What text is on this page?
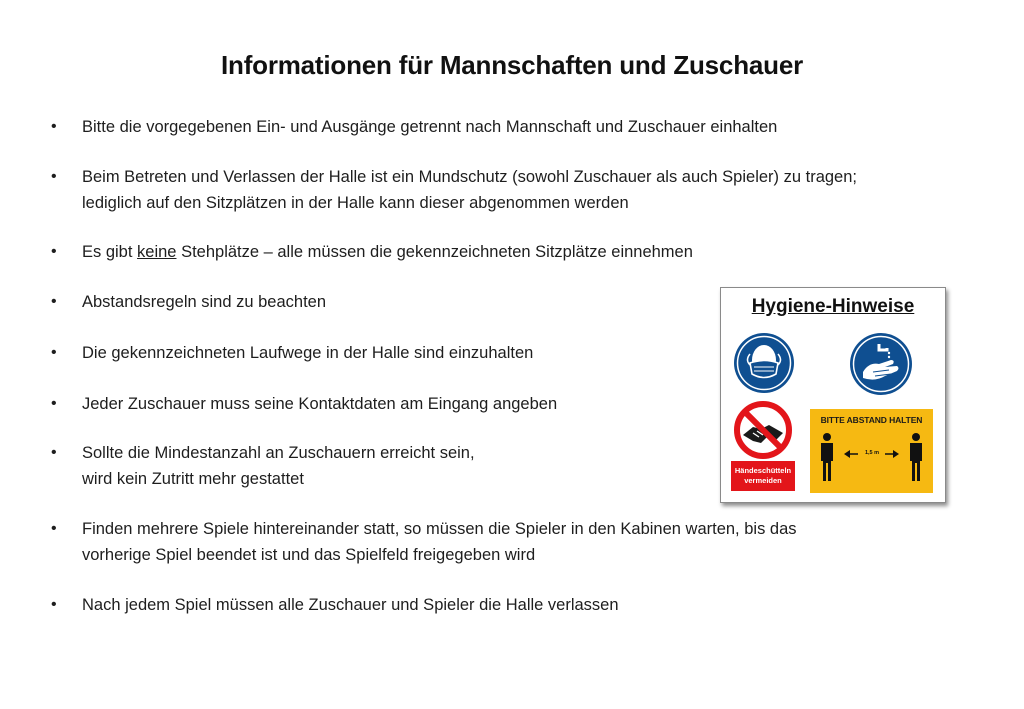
Informationen für Mannschaften und Zuschauer
• Bitte die vorgegebenen Ein- und Ausgänge getrennt nach Mannschaft und Zuschauer einhalten
• Beim Betreten und Verlassen der Halle ist ein Mundschutz (sowohl Zuschauer als auch Spieler) zu tragen;
lediglich auf den Sitzplätzen in der Halle kann dieser abgenommen werden
• Es gibt keine Stehplätze – alle müssen die gekennzeichneten Sitzplätze einnehmen
• Abstandsregeln sind zu beachten
• Die gekennzeichneten Laufwege in der Halle sind einzuhalten
• Jeder Zuschauer muss seine Kontaktdaten am Eingang angeben
• Sollte die Mindestanzahl an Zuschauern erreicht sein,
wird kein Zutritt mehr gestattet
• Finden mehrere Spiele hintereinander statt, so müssen die Spieler in den Kabinen warten, bis das
vorherige Spiel beendet ist und das Spielfeld freigegeben wird
• Nach jedem Spiel müssen alle Zuschauer und Spieler die Halle verlassen
Hygiene-Hinweise
Händeschütteln
vermeiden
BITTE ABSTAND HALTEN
1,5 m
